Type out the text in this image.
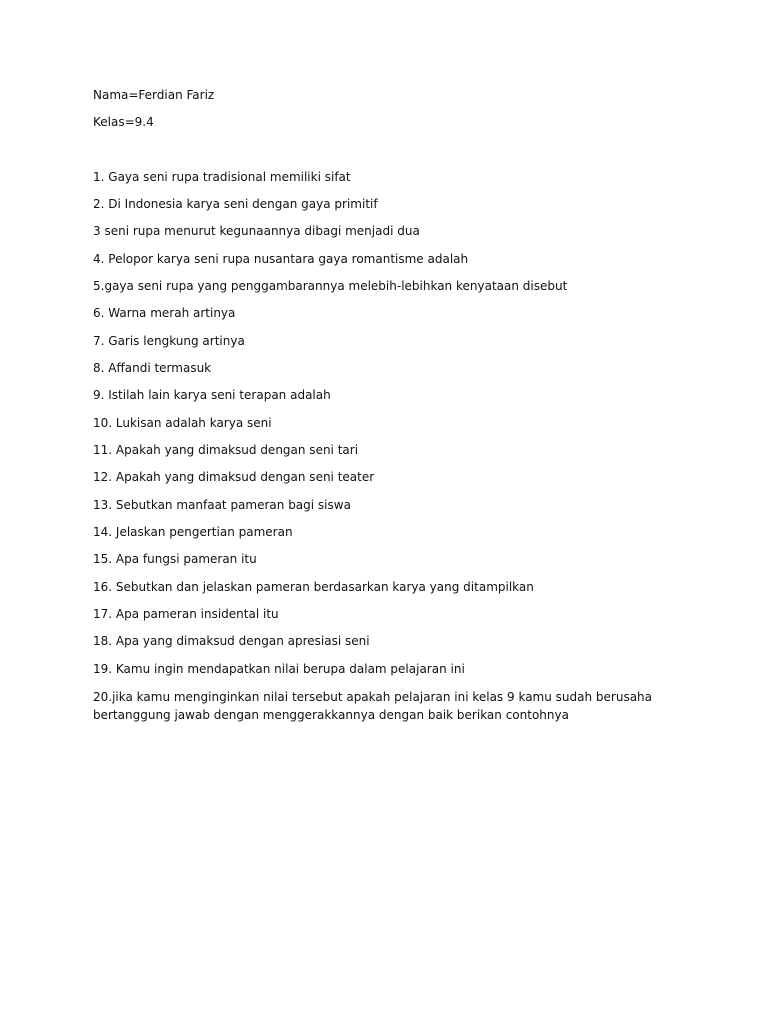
Nama=Ferdian Fariz
Kelas=9.4
1. Gaya seni rupa tradisional memiliki sifat
2. Di Indonesia karya seni dengan gaya primitif
3 seni rupa menurut kegunaannya dibagi menjadi dua
4. Pelopor karya seni rupa nusantara gaya romantisme adalah
5.gaya seni rupa yang penggambarannya melebih-lebihkan kenyataan disebut
6. Warna merah artinya
7. Garis lengkung artinya
8. Affandi termasuk
9. Istilah lain karya seni terapan adalah
10. Lukisan adalah karya seni
11. Apakah yang dimaksud dengan seni tari
12. Apakah yang dimaksud dengan seni teater
13. Sebutkan manfaat pameran bagi siswa
14. Jelaskan pengertian pameran
15. Apa fungsi pameran itu
16. Sebutkan dan jelaskan pameran berdasarkan karya yang ditampilkan
17. Apa pameran insidental itu
18. Apa yang dimaksud dengan apresiasi seni
19. Kamu ingin mendapatkan nilai berupa dalam pelajaran ini
20.jika kamu menginginkan nilai tersebut apakah pelajaran ini kelas 9 kamu sudah berusaha bertanggung jawab dengan menggerakkannya dengan baik berikan contohnya
